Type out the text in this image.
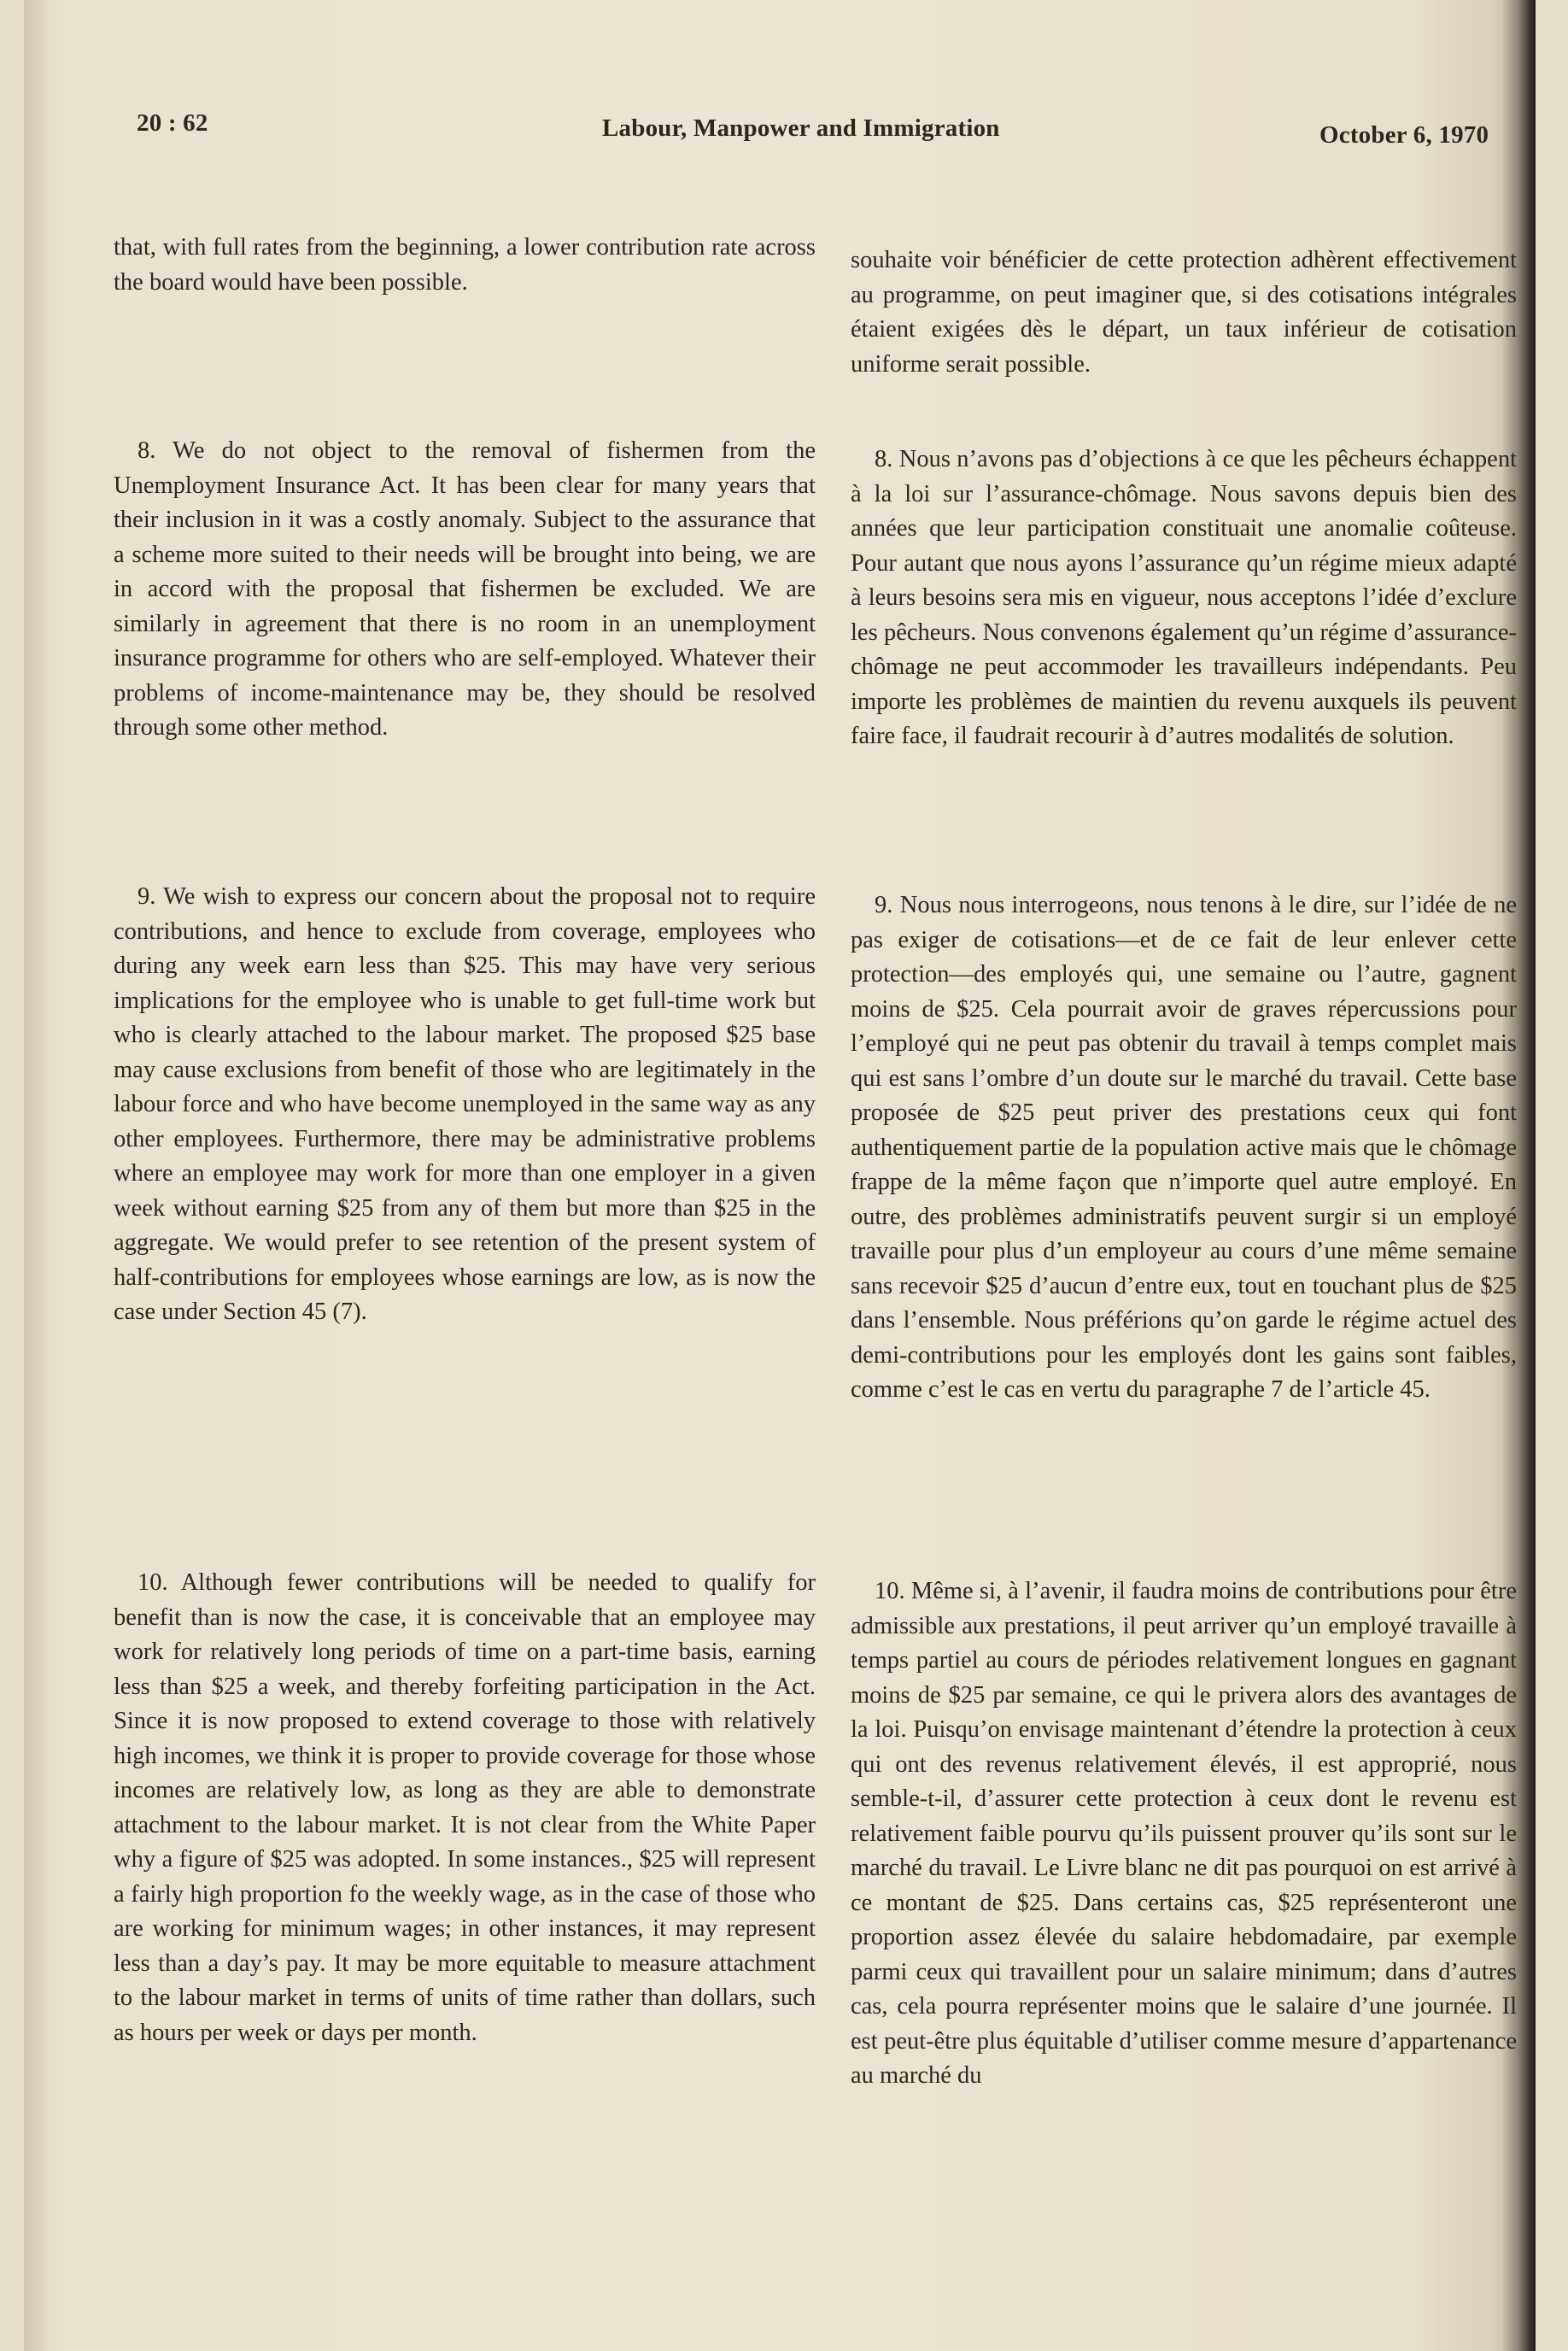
20 : 62	Labour, Manpower and Immigration	October 6, 1970

that, with full rates from the beginning, a lower contribution rate across the board would have been possible.

8. We do not object to the removal of fishermen from the Unemployment Insurance Act. It has been clear for many years that their inclusion in it was a costly anomaly. Subject to the assurance that a scheme more suited to their needs will be brought into being, we are in accord with the proposal that fishermen be excluded. We are similarly in agreement that there is no room in an unemployment insurance programme for others who are self-employed. Whatever their problems of income-maintenance may be, they should be resolved through some other method.

9. We wish to express our concern about the proposal not to require contributions, and hence to exclude from coverage, employees who during any week earn less than $25. This may have very serious implications for the employee who is unable to get full-time work but who is clearly attached to the labour market. The proposed $25 base may cause exclusions from benefit of those who are legitimately in the labour force and who have become unemployed in the same way as any other employees. Furthermore, there may be administrative problems where an employee may work for more than one employer in a given week without earning $25 from any of them but more than $25 in the aggregate. We would prefer to see retention of the present system of half-contributions for employees whose earnings are low, as is now the case under Section 45 (7).

10. Although fewer contributions will be needed to qualify for benefit than is now the case, it is conceivable that an employee may work for relatively long periods of time on a part-time basis, earning less than $25 a week, and thereby forfeiting participation in the Act. Since it is now proposed to extend coverage to those with relatively high incomes, we think it is proper to provide coverage for those whose incomes are relatively low, as long as they are able to demonstrate attachment to the labour market. It is not clear from the White Paper why a figure of $25 was adopted. In some instances., $25 will represent a fairly high proportion fo the weekly wage, as in the case of those who are working for minimum wages; in other instances, it may represent less than a day’s pay. It may be more equitable to measure attachment to the labour market in terms of units of time rather than dollars, such as hours per week or days per month.

souhaite voir bénéficier de cette protection adhèrent effectivement au programme, on peut imaginer que, si des cotisations intégrales étaient exigées dès le départ, un taux inférieur de cotisation uniforme serait possible.

8. Nous n’avons pas d’objections à ce que les pêcheurs échappent à la loi sur l’assurance-chômage. Nous savons depuis bien des années que leur participation constituait une anomalie coûteuse. Pour autant que nous ayons l’assurance qu’un régime mieux adapté à leurs besoins sera mis en vigueur, nous acceptons l’idée d’exclure les pêcheurs. Nous convenons également qu’un régime d’assurance-chômage ne peut accommoder les travailleurs indépendants. Peu importe les problèmes de maintien du revenu auxquels ils peuvent faire face, il faudrait recourir à d’autres modalités de solution.

9. Nous nous interrogeons, nous tenons à le dire, sur l’idée de ne pas exiger de cotisations—et de ce fait de leur enlever cette protection—des employés qui, une semaine ou l’autre, gagnent moins de $25. Cela pourrait avoir de graves répercussions pour l’employé qui ne peut pas obtenir du travail à temps complet mais qui est sans l’ombre d’un doute sur le marché du travail. Cette base proposée de $25 peut priver des prestations ceux qui font authentiquement partie de la population active mais que le chômage frappe de la même façon que n’importe quel autre employé. En outre, des problèmes administratifs peuvent surgir si un employé travaille pour plus d’un employeur au cours d’une même semaine sans recevoir $25 d’aucun d’entre eux, tout en touchant plus de $25 dans l’ensemble. Nous préférions qu’on garde le régime actuel des demi-contributions pour les employés dont les gains sont faibles, comme c’est le cas en vertu du paragraphe 7 de l’article 45.

10. Même si, à l’avenir, il faudra moins de contributions pour être admissible aux prestations, il peut arriver qu’un employé travaille à temps partiel au cours de périodes relativement longues en gagnant moins de $25 par semaine, ce qui le privera alors des avantages de la loi. Puisqu’on envisage maintenant d’étendre la protection à ceux qui ont des revenus relativement élevés, il est approprié, nous semble-t-il, d’assurer cette protection à ceux dont le revenu est relativement faible pourvu qu’ils puissent prouver qu’ils sont sur le marché du travail. Le Livre blanc ne dit pas pourquoi on est arrivé à ce montant de $25. Dans certains cas, $25 représenteront une proportion assez élevée du salaire hebdomadaire, par exemple parmi ceux qui travaillent pour un salaire minimum; dans d’autres cas, cela pourra représenter moins que le salaire d’une journée. Il est peut-être plus équitable d’utiliser comme mesure d’appartenance au marché du
